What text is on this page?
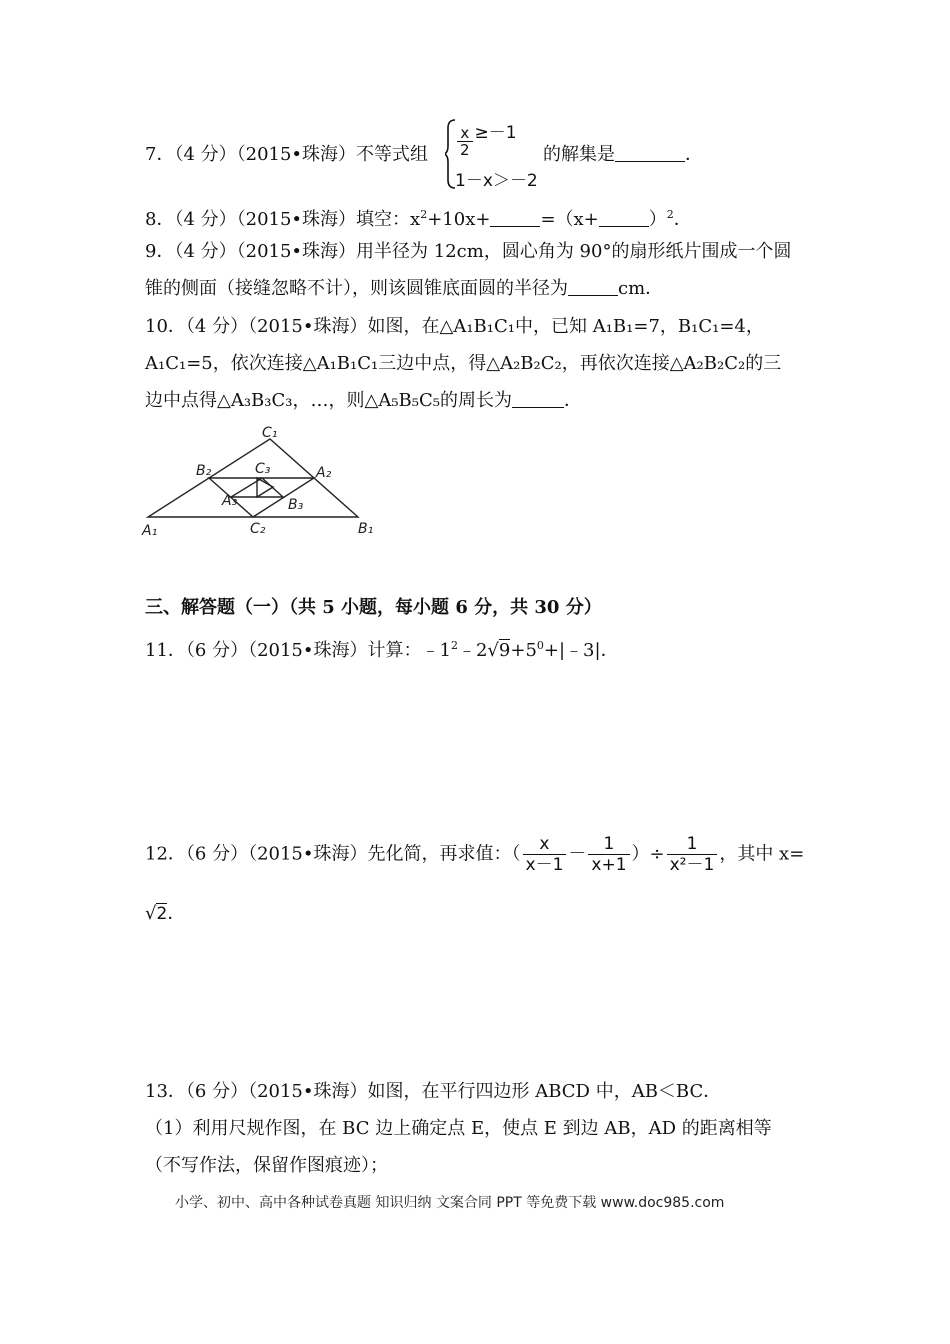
7．（4 分）（2015•珠海）不等式组 $\frac{x}{2} \ge-1$
1－x＞－2
的解集是	．
8．（4 分）（2015•珠海）填空：$x^2+10x+$	=（x+	）$^2$．
9．（4 分）（2015•珠海）用半径为 12cm，圆心角为 90°的扇形纸片围成一个圆
锥的侧面（接缝忽略不计），则该圆锥底面圆的半径为	cm．
10．（4 分）（2015•珠海）如图，在△A₁B₁C₁中，已知 A₁B₁=7，B₁C₁=4，
A₁C₁=5，依次连接△A₁B₁C₁三边中点，得△A₂B₂C₂，再依次连接△A₂B₂C₂的三
边中点得△A₃B₃C₃，…，则△A₅B₅C₅的周长为	．
C₁
B₂	C₃	A₂
A₃	B₃
A₁	C₂	B₁
三、解答题（一）（共 5 小题，每小题 6 分，共 30 分）
11．（6 分）（2015•珠海）计算：$﹣1^2﹣2√9+5^0+|﹣3|$．
12．（6 分）（2015•珠海）先化简，再求值：（ $\frac{x}{x-1} - \frac{1}{x+1}$ ）÷ $\frac{1}{\text{x²－1}}$ ，其中 x=
√2．
13．（6 分）（2015•珠海）如图，在平行四边形 ABCD 中，AB＜BC．
（1）利用尺规作图，在 BC 边上确定点 E，使点 E 到边 AB，AD 的距离相等
（不写作法，保留作图痕迹）；
小学、初中、高中各种试卷真题 知识归纳 文案合同 PPT 等免费下载 www.doc985.com
